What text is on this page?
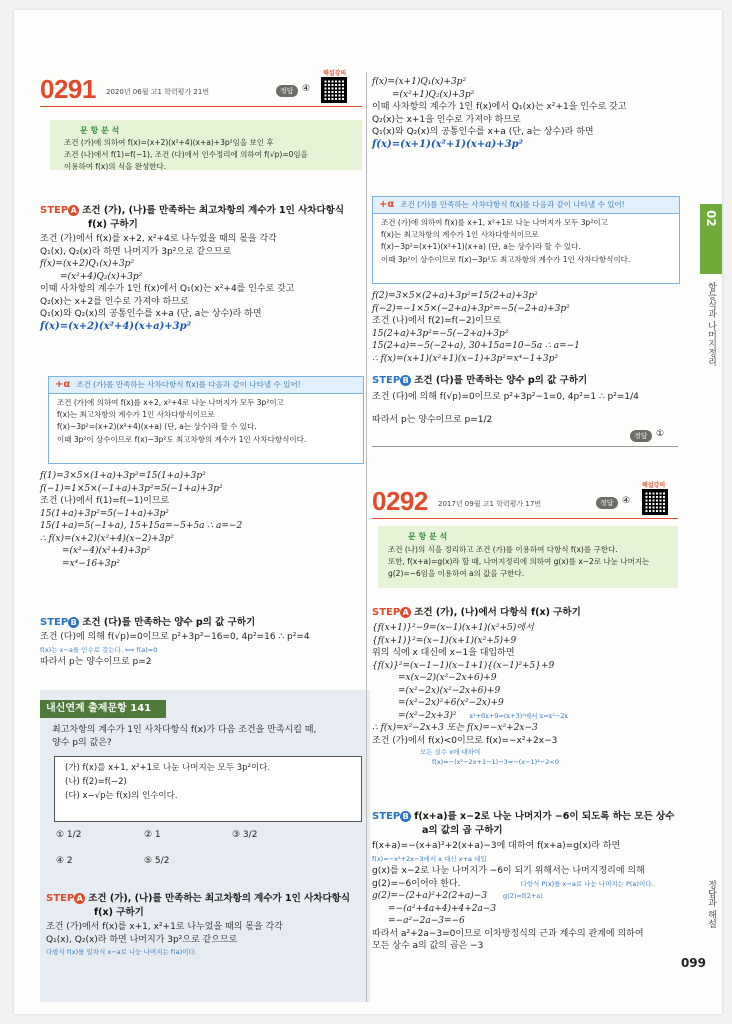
0291 2020년 06월 고1 학력평가 21번	정답 ④
해설강의
문 항 분 석
조건 (가)에 의하여 f(x)=(x+2)(x²+4)(x+a)+3p²임을 보인 후
조건 (나)에서 f(1)=f(−1), 조건 (다)에서 인수정리에 의하여 f(√p)=0임을
이용하여 f(x)의 식을 완성한다.
STEP A 조건 (가), (나)를 만족하는 최고차항의 계수가 1인 사차다항식
f(x) 구하기
조건 (가)에서 f(x)를 x+2, x²+4로 나누었을 때의 몫을 각각
Q₁(x), Q₂(x)라 하면 나머지가 3p²으로 같으므로
f(x)=(x+2)Q₁(x)+3p²
=(x²+4)Q₂(x)+3p²
이때 사차항의 계수가 1인 f(x)에서 Q₁(x)는 x²+4를 인수로 갖고
Q₂(x)는 x+2를 인수로 가져야 하므로
Q₁(x)와 Q₂(x)의 공통인수를 x+a (단, a는 상수)라 하면
f(x)=(x+2)(x²+4)(x+a)+3p²
+α 조건 (가)를 만족하는 사차다항식 f(x)를 다음과 같이 나타낼 수 있어!
조건 (가)에 의하여 f(x)를 x+2, x²+4로 나눈 나머지가 모두 3p²이고
f(x)는 최고차항의 계수가 1인 사차다항식이므로
f(x)−3p²=(x+2)(x²+4)(x+a) (단, a는 상수)라 할 수 있다.
이때 3p²이 상수이므로 f(x)−3p²도 최고차항의 계수가 1인 사차다항식이다.
f(1)=3×5×(1+a)+3p²=15(1+a)+3p²
f(−1)=1×5×(−1+a)+3p²=5(−1+a)+3p²
조건 (나)에서 f(1)=f(−1)이므로
15(1+a)+3p²=5(−1+a)+3p²
15(1+a)=5(−1+a), 15+15a=−5+5a ∴ a=−2
∴ f(x)=(x+2)(x²+4)(x−2)+3p²
=(x²−4)(x²+4)+3p²
=x⁴−16+3p²
STEP B 조건 (다)를 만족하는 양수 p의 값 구하기
조건 (다)에 의해 f(√p)=0이므로 p²+3p²−16=0, 4p²=16 ∴ p²=4
f(x)는 x−a를 인수로 갖는다. ⟺ f(a)=0
따라서 p는 양수이므로 p=2
내신연계 출제문항 141
최고차항의 계수가 1인 사차다항식 f(x)가 다음 조건을 만족시킬 때,
양수 p의 값은?
(가) f(x)를 x+1, x²+1로 나눈 나머지는 모두 3p²이다.
(나) f(2)=f(−2)
(다) x−√p는 f(x)의 인수이다.
① 1/2	② 1	③ 3/2
④ 2	⑤ 5/2
STEP A 조건 (가), (나)를 만족하는 최고차항의 계수가 1인 사차다항식
f(x) 구하기
조건 (가)에서 f(x)를 x+1, x²+1로 나누었을 때의 몫을 각각
Q₁(x), Q₂(x)라 하면 나머지가 3p²으로 같으므로
다항식 f(x)를 일차식 x−a로 나눈 나머지는 f(a)이다.
f(x)=(x+1)Q₁(x)+3p²
=(x²+1)Q₂(x)+3p²
이때 사차항의 계수가 1인 f(x)에서 Q₁(x)는 x²+1을 인수로 갖고
Q₂(x)는 x+1을 인수로 가져야 하므로
Q₁(x)와 Q₂(x)의 공통인수를 x+a (단, a는 상수)라 하면
f(x)=(x+1)(x²+1)(x+a)+3p²
+α 조건 (가)를 만족하는 사차다항식 f(x)를 다음과 같이 나타낼 수 있어!
조건 (가)에 의하여 f(x)를 x+1, x²+1로 나눈 나머지가 모두 3p²이고
f(x)는 최고차항의 계수가 1인 사차다항식이므로
f(x)−3p²=(x+1)(x²+1)(x+a) (단, a는 상수)라 할 수 있다.
이때 3p²이 상수이므로 f(x)−3p²도 최고차항의 계수가 1인 사차다항식이다.
f(2)=3×5×(2+a)+3p²=15(2+a)+3p²
f(−2)=−1×5×(−2+a)+3p²=−5(−2+a)+3p²
조건 (나)에서 f(2)=f(−2)이므로
15(2+a)+3p²=−5(−2+a)+3p²
15(2+a)=−5(−2+a), 30+15a=10−5a ∴ a=−1
∴ f(x)=(x+1)(x²+1)(x−1)+3p²=x⁴−1+3p²
STEP B 조건 (다)를 만족하는 양수 p의 값 구하기
조건 (다)에 의해 f(√p)=0이므로 p²+3p²−1=0, 4p²=1 ∴ p²=1/4
따라서 p는 양수이므로 p=1/2
정답 ①
0292 2017년 09월 고1 학력평가 17번	정답 ④
해설강의
문 항 분 석
조건 (나)의 식을 정리하고 조건 (가)를 이용하여 다항식 f(x)를 구한다.
또한, f(x+a)=g(x)라 할 때, 나머지정리에 의하여 g(x)를 x−2로 나눈 나머지는
g(2)=−6임을 이용하여 a의 값을 구한다.
STEP A 조건 (가), (나)에서 다항식 f(x) 구하기
{f(x+1)}²−9=(x−1)(x+1)(x²+5)에서
{f(x+1)}²=(x−1)(x+1)(x²+5)+9
위의 식에 x 대신에 x−1을 대입하면
{f(x)}²=(x−1−1)(x−1+1){(x−1)²+5}+9
=x(x−2)(x²−2x+6)+9
=(x²−2x)(x²−2x+6)+9
=(x²−2x)²+6(x²−2x)+9
=(x²−2x+3)² x²+6x+9=(x+3)²에서 x=x²−2x
∴ f(x)=x²−2x+3 또는 f(x)=−x²+2x−3
조건 (가)에서 f(x)<0이므로 f(x)=−x²+2x−3
모든 실수 x에 대하여
f(x)=−(x²−2x+1−1)−3=−(x−1)²−2<0
STEP B f(x+a)를 x−2로 나눈 나머지가 −6이 되도록 하는 모든 상수
a의 값의 곱 구하기
f(x+a)=−(x+a)²+2(x+a)−3에 대하여 f(x+a)=g(x)라 하면
f(x)=−x²+2x−3에서 x 대신 x+a 대입
g(x)를 x−2로 나눈 나머지가 −6이 되기 위해서는 나머지정리에 의해
g(2)=−6이어야 한다.	다항식 P(x)를 x−a로 나눈 나머지는 P(a)이다.
g(2)=−(2+a)²+2(2+a)−3 g(2)=f(2+a)
=−(a²+4a+4)+4+2a−3
=−a²−2a−3=−6
따라서 a²+2a−3=0이므로 이차방정식의 근과 계수의 관계에 의하여
모든 상수 a의 값의 곱은 −3
02
항등식과 나머지정리
정답과 해설
099
